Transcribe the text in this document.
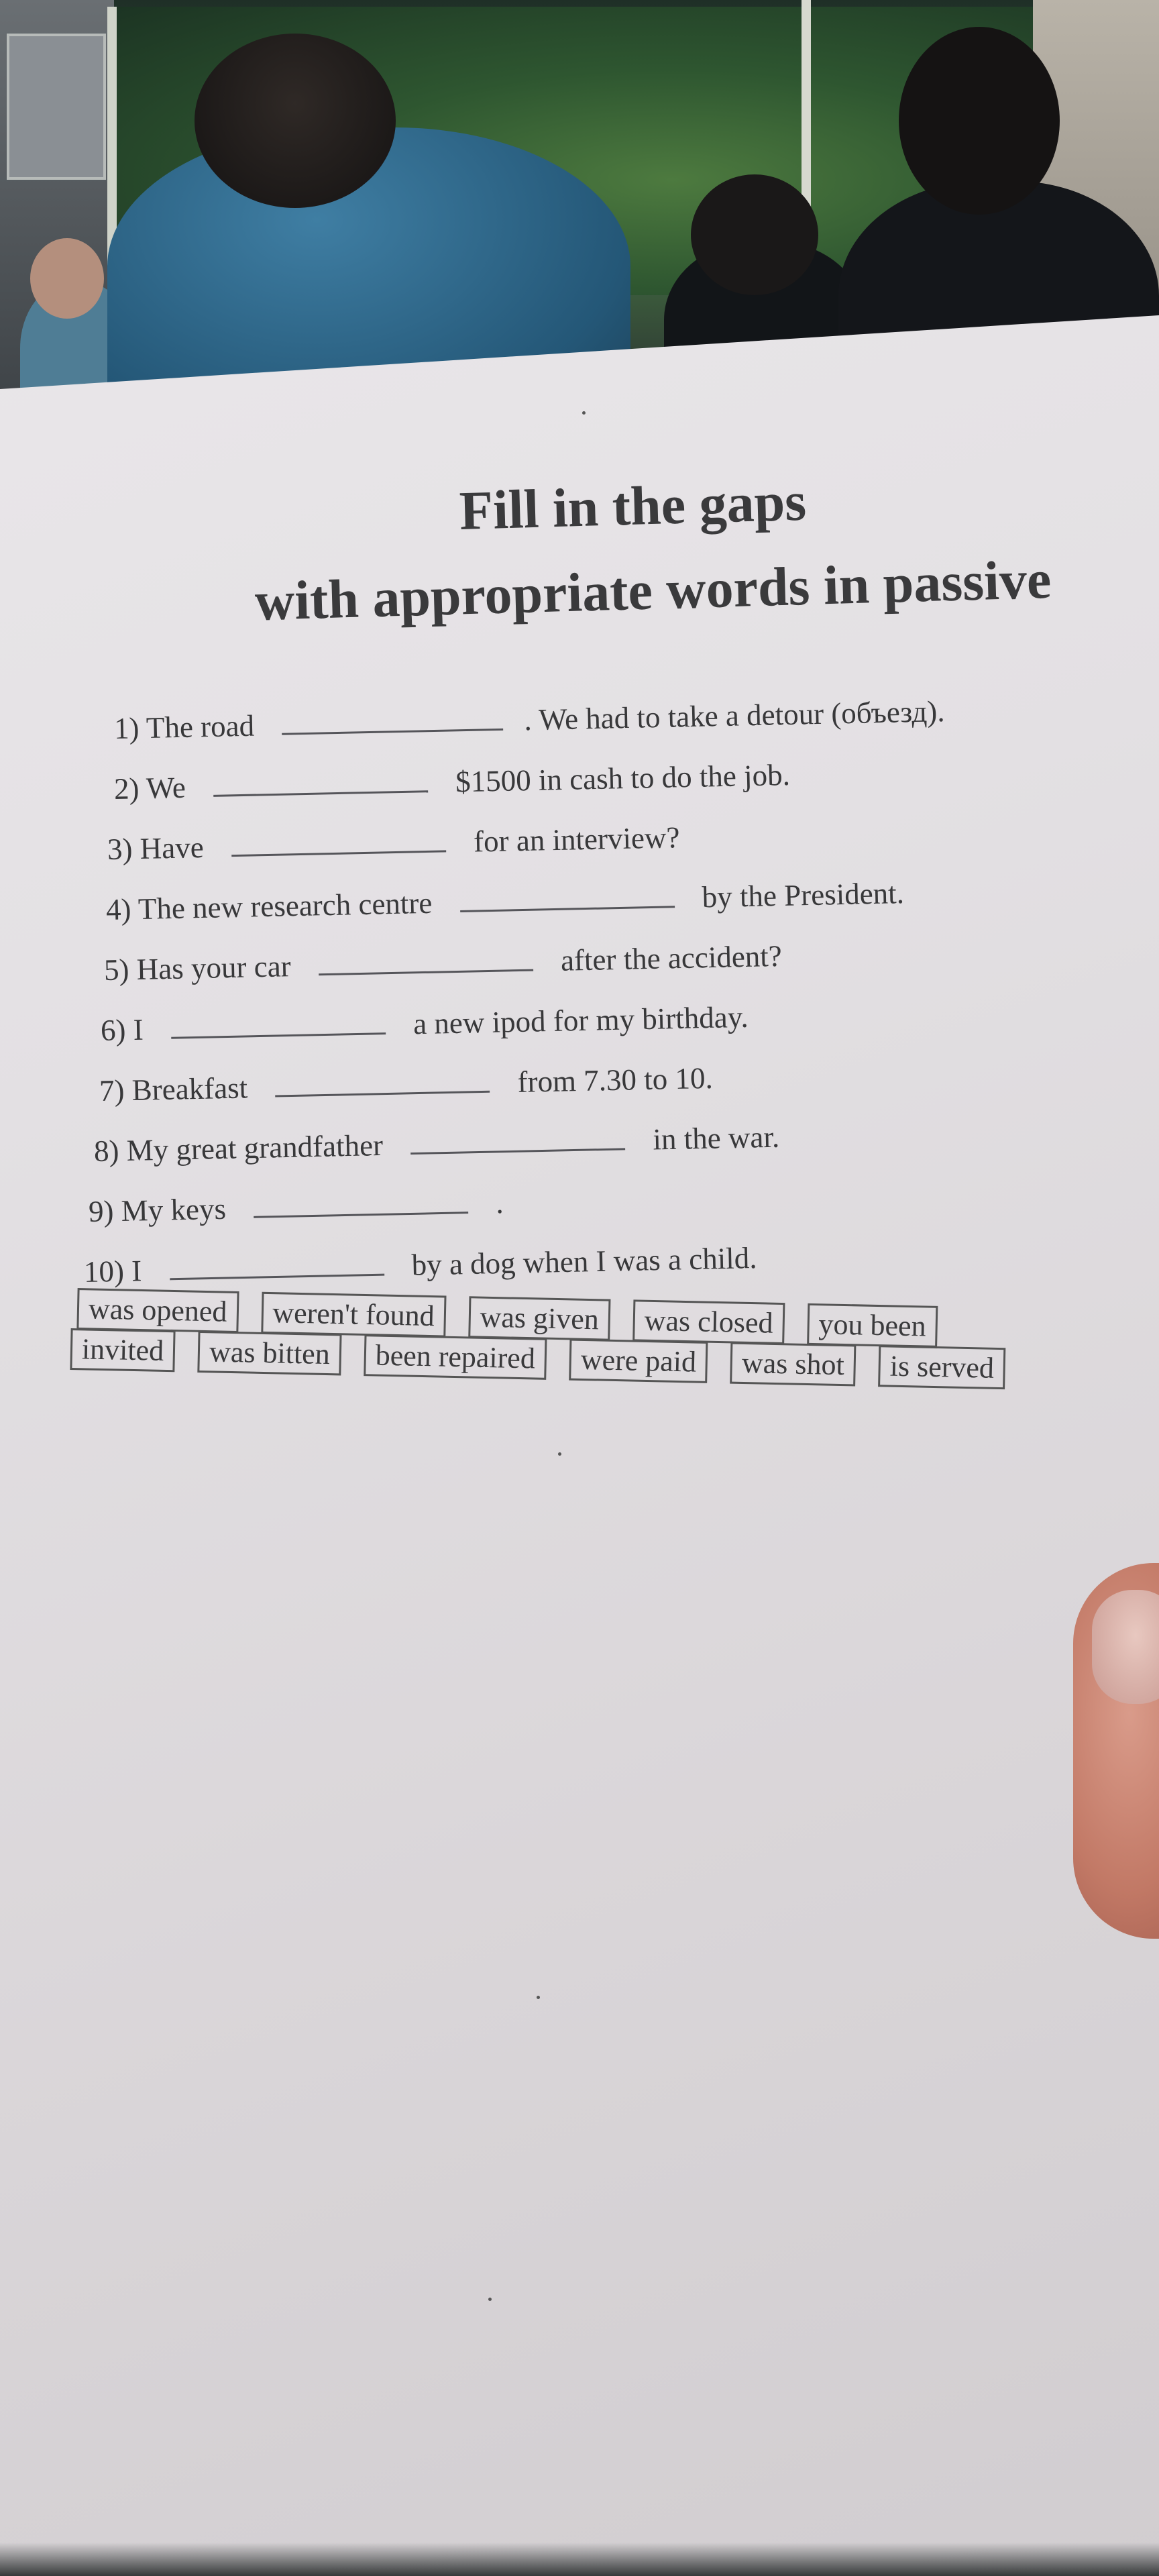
Fill in the gaps
with appropriate words in passive
1) The road	. We had to take a detour (объезд).
2) We	$1500 in cash to do the job.
3) Have	for an interview?
4) The new research centre	by the President.
5) Has your car	after the accident?
6) I	a new ipod for my birthday.
7) Breakfast	from 7.30 to 10.
8) My great grandfather	in the war.
9) My keys	.
10) I	by a dog when I was a child.
was opened weren't found was given was closed you been
invited was bitten been repaired were paid was shot is served
